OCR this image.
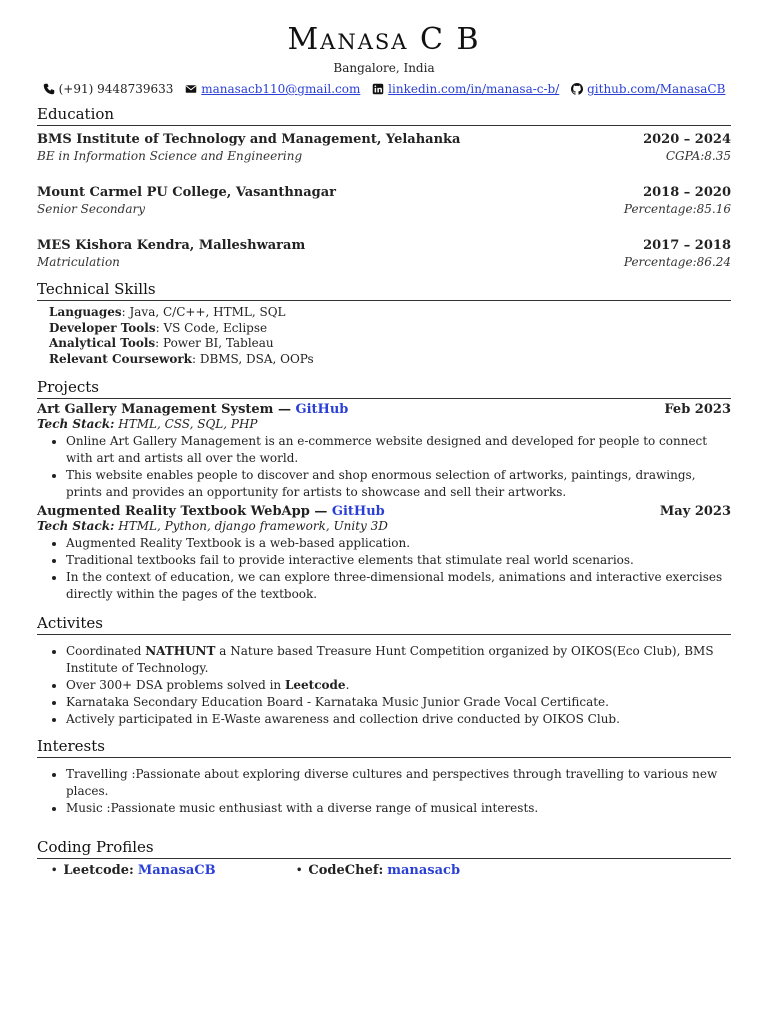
Manasa C B
Bangalore, India
(+91) 9448739633
manasacb110@gmail.com
linkedin.com/in/manasa-c-b/
github.com/ManasaCB
Education
BMS Institute of Technology and Management, Yelahanka	2020 – 2024
BE in Information Science and Engineering	CGPA:8.35
Mount Carmel PU College, Vasanthnagar	2018 – 2020
Senior Secondary	Percentage:85.16
MES Kishora Kendra, Malleshwaram	2017 – 2018
Matriculation	Percentage:86.24
Technical Skills
Languages: Java, C/C++, HTML, SQL
Developer Tools: VS Code, Eclipse
Analytical Tools: Power BI, Tableau
Relevant Coursework: DBMS, DSA, OOPs
Projects
Art Gallery Management System — GitHub	Feb 2023
Tech Stack: HTML, CSS, SQL, PHP
• Online Art Gallery Management is an e-commerce website designed and developed for people to connect with art and artists all over the world.
• This website enables people to discover and shop enormous selection of artworks, paintings, drawings, prints and provides an opportunity for artists to showcase and sell their artworks.
Augmented Reality Textbook WebApp — GitHub	May 2023
Tech Stack: HTML, Python, django framework, Unity 3D
• Augmented Reality Textbook is a web-based application.
• Traditional textbooks fail to provide interactive elements that stimulate real world scenarios.
• In the context of education, we can explore three-dimensional models, animations and interactive exercises directly within the pages of the textbook.
Activites
• Coordinated NATHUNT a Nature based Treasure Hunt Competition organized by OIKOS(Eco Club), BMS Institute of Technology.
• Over 300+ DSA problems solved in Leetcode.
• Karnataka Secondary Education Board - Karnataka Music Junior Grade Vocal Certificate.
• Actively participated in E-Waste awareness and collection drive conducted by OIKOS Club.
Interests
• Travelling :Passionate about exploring diverse cultures and perspectives through travelling to various new places.
• Music :Passionate music enthusiast with a diverse range of musical interests.
Coding Profiles
• Leetcode: ManasaCB	• CodeChef: manasacb
